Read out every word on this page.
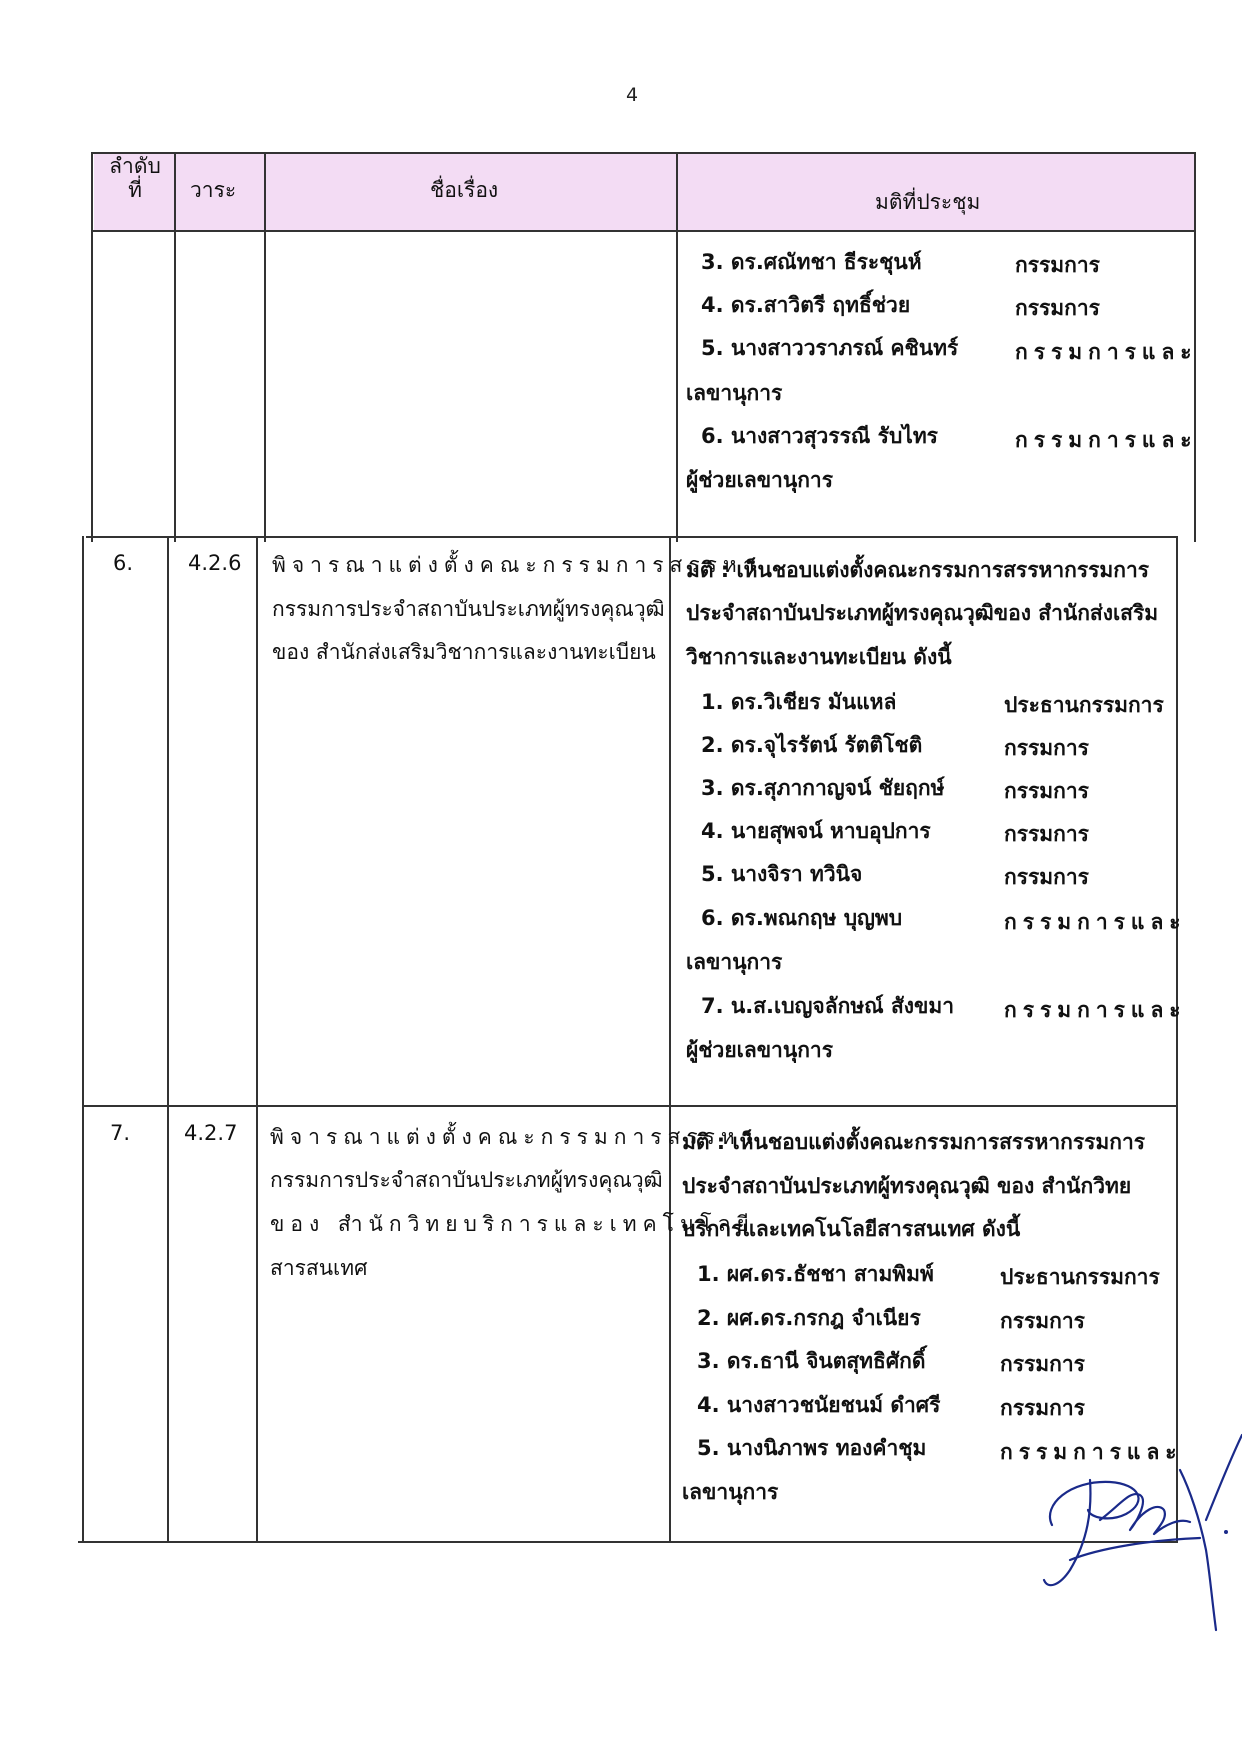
4
ลำดับ
ที่	วาระ	ชื่อเรื่อง	มติที่ประชุม
3. ดร.ศณัทชา ธีระชุนห์	กรรมการ
4. ดร.สาวิตรี ฤทธิ์ช่วย	กรรมการ
5. นางสาววราภรณ์ คชินทร์	กรรมการและ
เลขานุการ
6. นางสาวสุวรรณี รับไทร	กรรมการและ
ผู้ช่วยเลขานุการ
6.	4.2.6 พิจารณาแต่งตั้งคณะกรรมการสรรหา
กรรมการประจำสถาบันประเภทผู้ทรงคุณวุฒิ
ของ สำนักส่งเสริมวิชาการและงานทะเบียน
มติ : เห็นชอบแต่งตั้งคณะกรรมการสรรหากรรมการ
ประจำสถาบันประเภทผู้ทรงคุณวุฒิของ สำนักส่งเสริม
วิชาการและงานทะเบียน ดังนี้
1. ดร.วิเชียร มันแหล่	ประธานกรรมการ
2. ดร.จุไรรัตน์ รัตติโชติ	กรรมการ
3. ดร.สุภากาญจน์ ชัยฤกษ์	กรรมการ
4. นายสุพจน์ หาบอุปการ	กรรมการ
5. นางจิรา ทวินิจ	กรรมการ
6. ดร.พณกฤษ บุญพบ	กรรมการและ
เลขานุการ
7. น.ส.เบญจลักษณ์ สังขมา กรรมการและ
ผู้ช่วยเลขานุการ
7.	4.2.7 พิจารณาแต่งตั้งคณะกรรมการสรรหา
กรรมการประจำสถาบันประเภทผู้ทรงคุณวุฒิ
ของ สำนักวิทยบริการและเทคโนโลยี
สารสนเทศ
มติ : เห็นชอบแต่งตั้งคณะกรรมการสรรหากรรมการ
ประจำสถาบันประเภทผู้ทรงคุณวุฒิ ของ สำนักวิทย
บริการและเทคโนโลยีสารสนเทศ ดังนี้
1. ผศ.ดร.ธัชชา สามพิมพ์	ประธานกรรมการ
2. ผศ.ดร.กรกฎ จำเนียร	กรรมการ
3. ดร.ธานี จินตสุทธิศักดิ์	กรรมการ
4. นางสาวชนัยชนม์ ดำศรี	กรรมการ
5. นางนิภาพร ทองคำชุม	กรรมการและ
เลขานุการ
